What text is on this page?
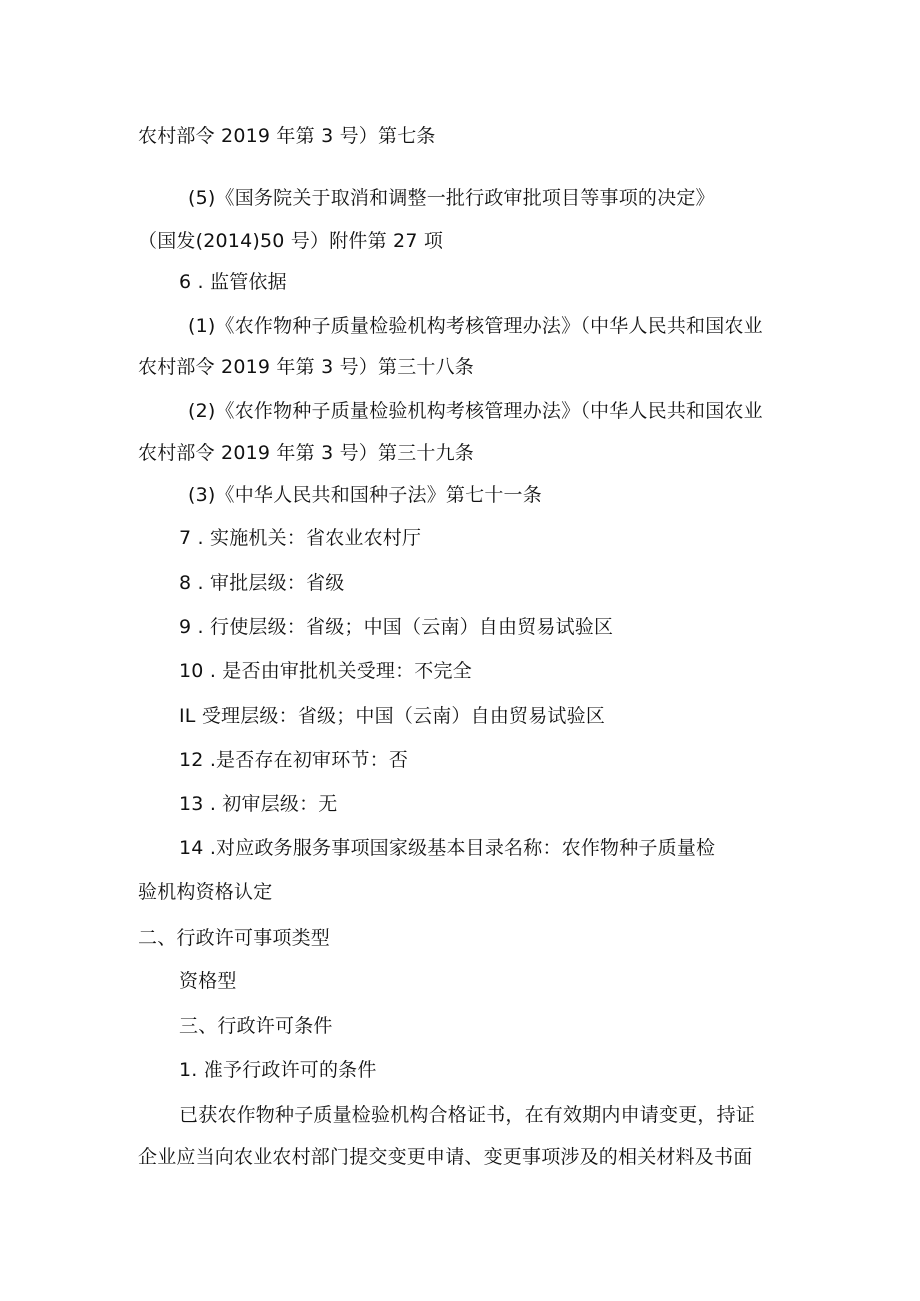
农村部令 2019 年第 3 号）第七条
(5)《国务院关于取消和调整一批行政审批项目等事项的决定》
（国发(2014)50 号）附件第 27 项
6 . 监管依据
(1)《农作物种子质量检验机构考核管理办法》（中华人民共和国农业
农村部令 2019 年第 3 号）第三十八条
(2)《农作物种子质量检验机构考核管理办法》（中华人民共和国农业
农村部令 2019 年第 3 号）第三十九条
(3)《中华人民共和国种子法》第七十一条
7 . 实施机关：省农业农村厅
8 . 审批层级：省级
9 . 行使层级：省级；中国（云南）自由贸易试验区
10 . 是否由审批机关受理：不完全
IL 受理层级：省级；中国（云南）自由贸易试验区
12 .是否存在初审环节：否
13 . 初审层级：无
14 .对应政务服务事项国家级基本目录名称：农作物种子质量检
验机构资格认定
二、行政许可事项类型
资格型
三、行政许可条件
1. 准予行政许可的条件
已获农作物种子质量检验机构合格证书，在有效期内申请变更，持证
企业应当向农业农村部门提交变更申请、变更事项涉及的相关材料及书面
